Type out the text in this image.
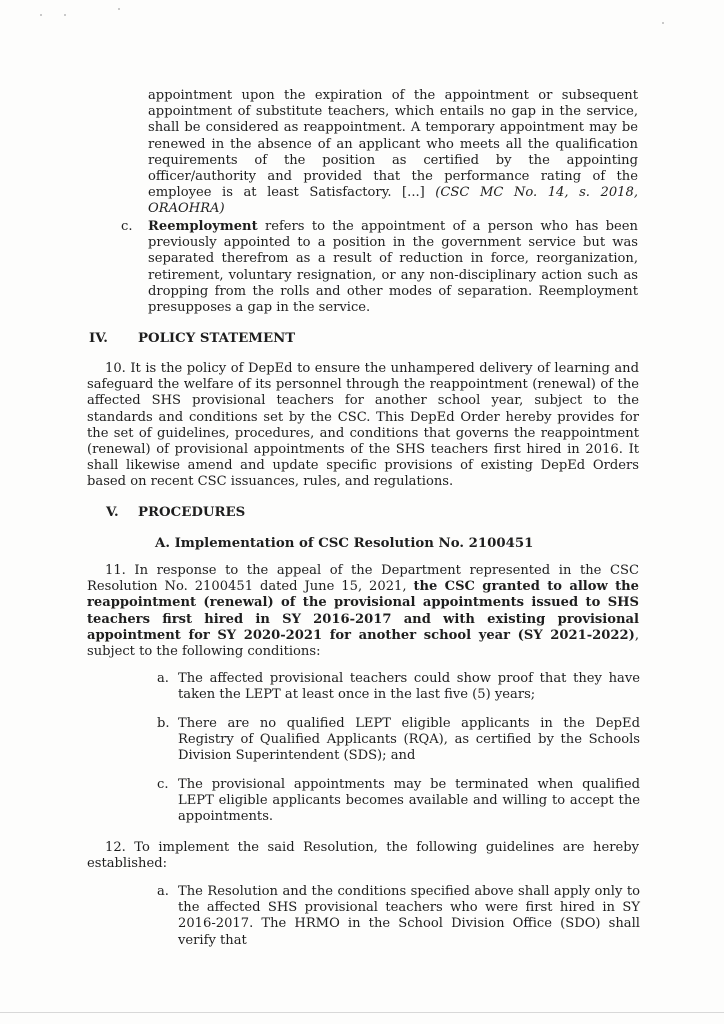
appointment upon the expiration of the appointment or subsequent appointment of substitute teachers, which entails no gap in the service, shall be considered as reappointment. A temporary appointment may be renewed in the absence of an applicant who meets all the qualification requirements of the position as certified by the appointing officer/authority and provided that the performance rating of the employee is at least Satisfactory. [...] (CSC MC No. 14, s. 2018, ORAOHRA)

c. Reemployment refers to the appointment of a person who has been previously appointed to a position in the government service but was separated therefrom as a result of reduction in force, reorganization, retirement, voluntary resignation, or any non-disciplinary action such as dropping from the rolls and other modes of separation. Reemployment presupposes a gap in the service.

IV. POLICY STATEMENT

10. It is the policy of DepEd to ensure the unhampered delivery of learning and safeguard the welfare of its personnel through the reappointment (renewal) of the affected SHS provisional teachers for another school year, subject to the standards and conditions set by the CSC. This DepEd Order hereby provides for the set of guidelines, procedures, and conditions that governs the reappointment (renewal) of provisional appointments of the SHS teachers first hired in 2016. It shall likewise amend and update specific provisions of existing DepEd Orders based on recent CSC issuances, rules, and regulations.

V. PROCEDURES
A. Implementation of CSC Resolution No. 2100451

11. In response to the appeal of the Department represented in the CSC Resolution No. 2100451 dated June 15, 2021, the CSC granted to allow the reappointment (renewal) of the provisional appointments issued to SHS teachers first hired in SY 2016-2017 and with existing provisional appointment for SY 2020-2021 for another school year (SY 2021-2022), subject to the following conditions:

a. The affected provisional teachers could show proof that they have taken the LEPT at least once in the last five (5) years;

b. There are no qualified LEPT eligible applicants in the DepEd Registry of Qualified Applicants (RQA), as certified by the Schools Division Superintendent (SDS); and

c. The provisional appointments may be terminated when qualified LEPT eligible applicants becomes available and willing to accept the appointments.

12. To implement the said Resolution, the following guidelines are hereby established:

a. The Resolution and the conditions specified above shall apply only to the affected SHS provisional teachers who were first hired in SY 2016-2017. The HRMO in the School Division Office (SDO) shall verify that
